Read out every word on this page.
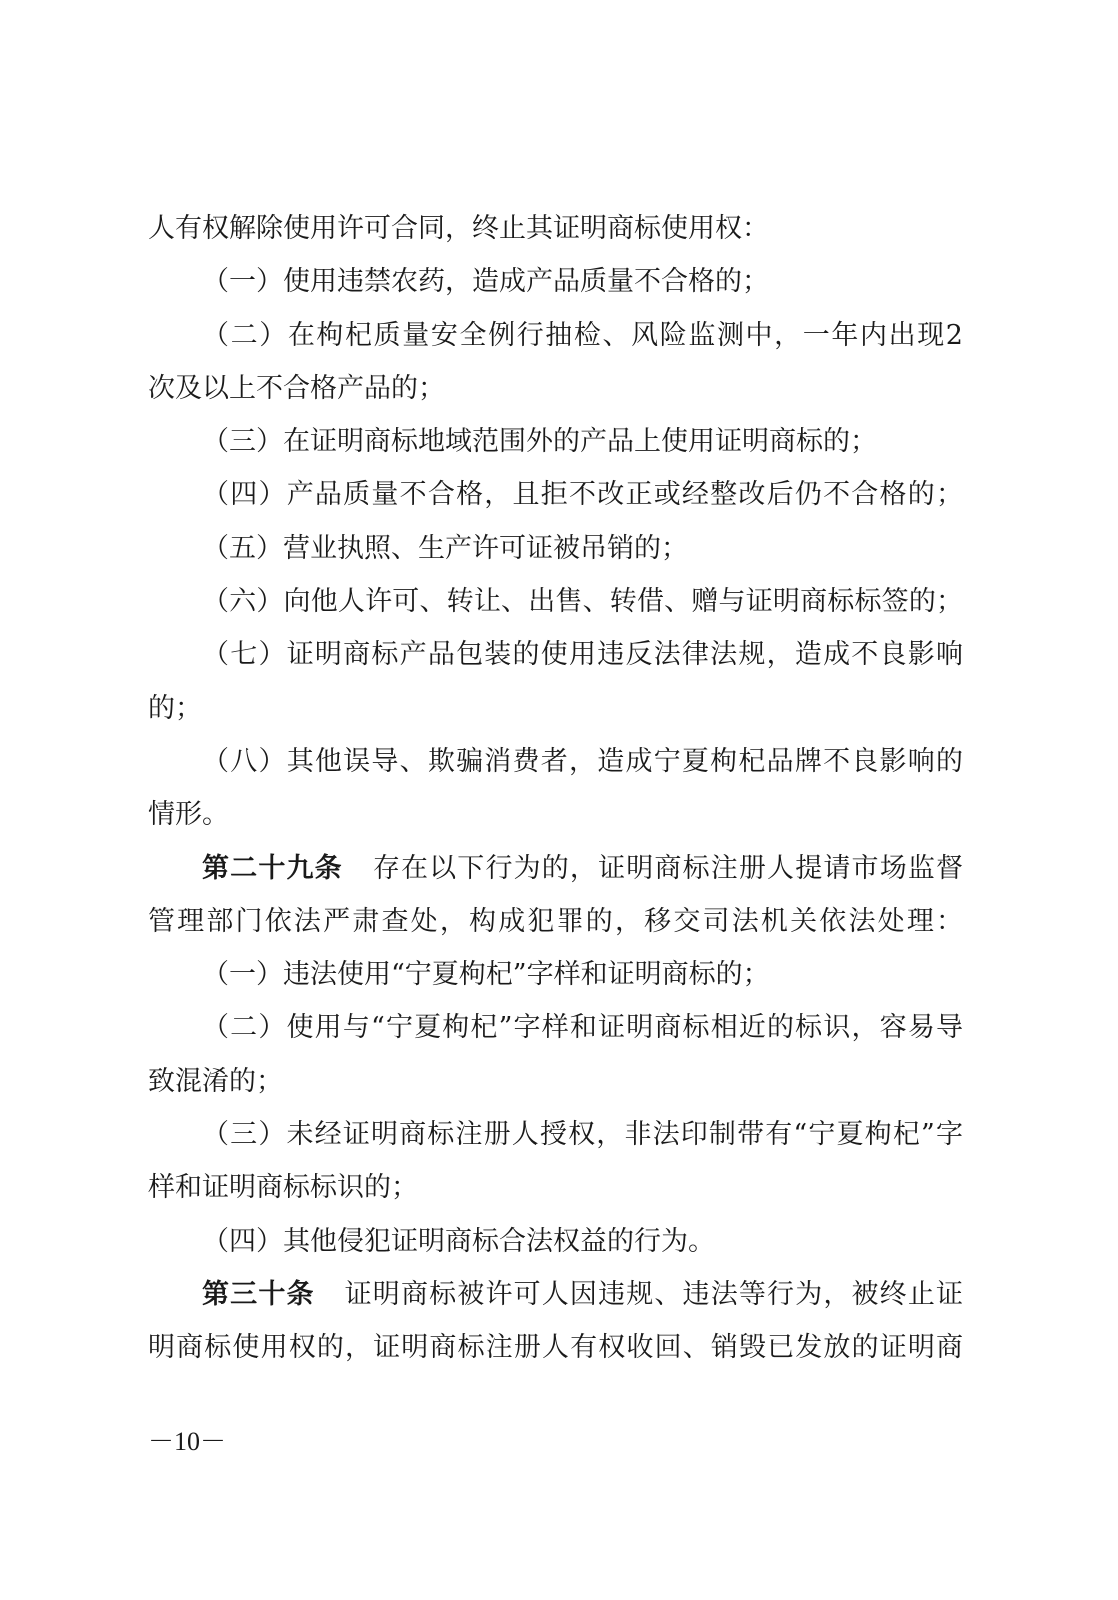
人有权解除使用许可合同，终止其证明商标使用权：
（一）使用违禁农药，造成产品质量不合格的；
（二）在枸杞质量安全例行抽检、风险监测中，一年内出现2
次及以上不合格产品的；
（三）在证明商标地域范围外的产品上使用证明商标的；
（四）产品质量不合格，且拒不改正或经整改后仍不合格的；
（五）营业执照、生产许可证被吊销的；
（六）向他人许可、转让、出售、转借、赠与证明商标标签的；
（七）证明商标产品包装的使用违反法律法规，造成不良影响
的；
（八）其他误导、欺骗消费者，造成宁夏枸杞品牌不良影响的
情形。
第二十九条 存在以下行为的，证明商标注册人提请市场监督
管理部门依法严肃查处，构成犯罪的，移交司法机关依法处理：
（一）违法使用“宁夏枸杞”字样和证明商标的；
（二）使用与“宁夏枸杞”字样和证明商标相近的标识，容易导
致混淆的；
（三）未经证明商标注册人授权，非法印制带有“宁夏枸杞”字
样和证明商标标识的；
（四）其他侵犯证明商标合法权益的行为。
第三十条 证明商标被许可人因违规、违法等行为，被终止证
明商标使用权的，证明商标注册人有权收回、销毁已发放的证明商
－10－
